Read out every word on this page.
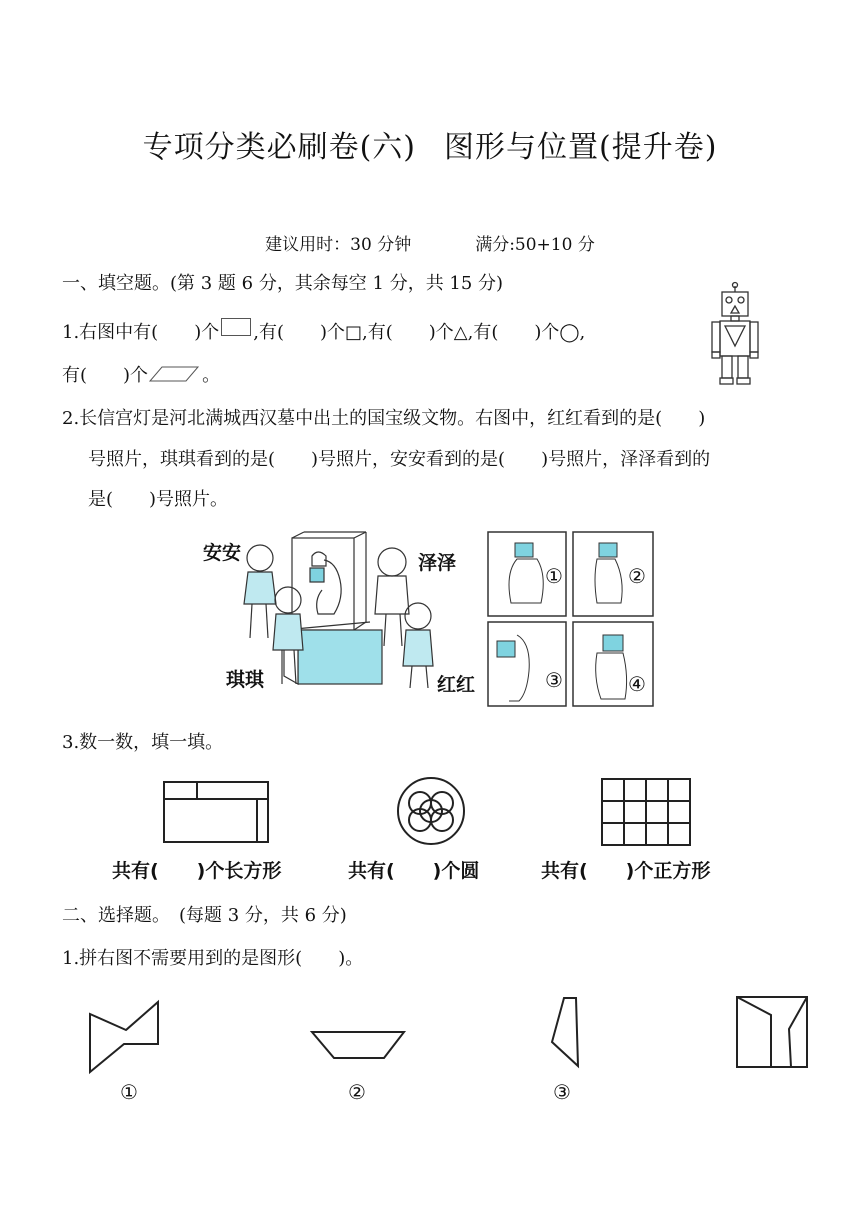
专项分类必刷卷(六) 图形与位置(提升卷)
建议用时：30 分钟	满分:50+10 分
一、填空题。(第 3 题 6 分，其余每空 1 分，共 15 分)
1.右图中有( )个 ,有( )个□,有( )个△,有( )个◯,
有( )个	。
2.长信宫灯是河北满城西汉墓中出土的国宝级文物。右图中，红红看到的是(　　)
号照片，琪琪看到的是(　　)号照片，安安看到的是(　　)号照片，泽泽看到的
是(　　)号照片。
安安	泽泽
琪琪	红红
①	②
③	④
3.数一数，填一填。
共有(　　)个长方形	共有(　　)个圆	共有(　　)个正方形
二、选择题。　(每题 3 分，共 6 分)
1.拼右图不需要用到的是图形(　　)。
①	②	③
